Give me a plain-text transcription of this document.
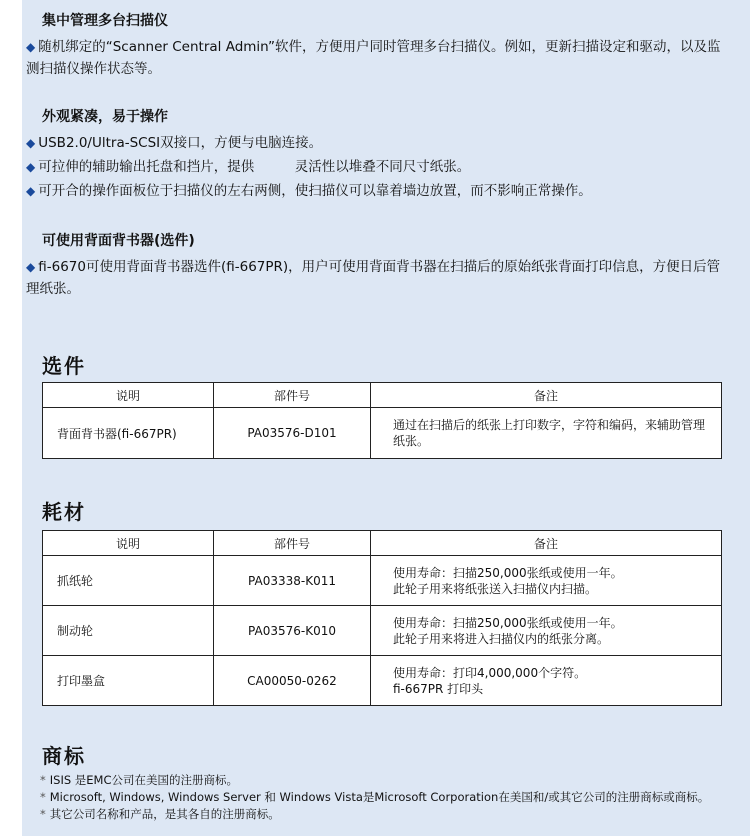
集中管理多台扫描仪
◆ 随机绑定的“Scanner Central Admin”软件，方便用户同时管理多台扫描仪。例如，更新扫描设定和驱动，以及监测扫描仪操作状态等。
外观紧凑，易于操作
◆ USB2.0/Ultra-SCSI双接口，方便与电脑连接。
◆ 可拉伸的辅助输出托盘和挡片，提供　　　灵活性以堆叠不同尺寸纸张。
◆ 可开合的操作面板位于扫描仪的左右两侧，使扫描仪可以靠着墙边放置，而不影响正常操作。
可使用背面背书器(选件)
◆ fi-6670可使用背面背书器选件(fi-667PR)，用户可使用背面背书器在扫描后的原始纸张背面打印信息，方便日后管理纸张。
选件
说明	部件号	备注
背面背书器(fi-667PR)	PA03576-D101	通过在扫描后的纸张上打印数字，字符和编码，来辅助管理纸张。
耗材
说明	部件号	备注
抓纸轮	PA03338-K011	使用寿命：扫描250,000张纸或使用一年。
此轮子用来将纸张送入扫描仪内扫描。

制动轮	PA03576-K010	使用寿命：扫描250,000张纸或使用一年。
此轮子用来将进入扫描仪内的纸张分离。

打印墨盒	CA00050-0262	使用寿命：打印4,000,000个字符。
fi-667PR 打印头
商标
* ISIS 是EMC公司在美国的注册商标。
* Microsoft, Windows, Windows Server 和 Windows Vista是Microsoft Corporation在美国和/或其它公司的注册商标或商标。
* 其它公司名称和产品，是其各自的注册商标。
